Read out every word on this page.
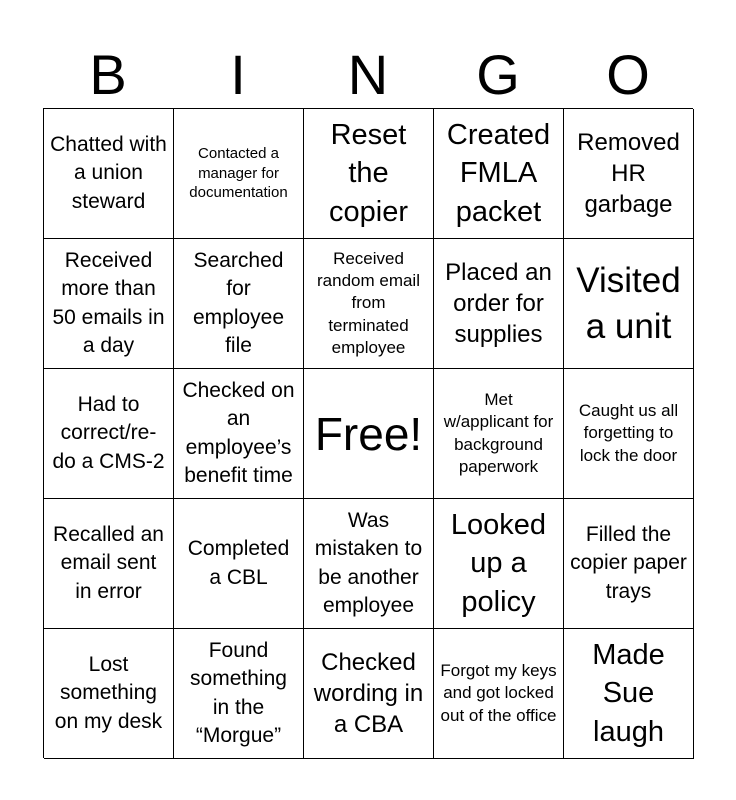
B	I	N	G	O
Chatted with a union steward
Contacted a manager for documentation
Reset the copier
Created FMLA packet
Removed HR garbage
Received more than 50 emails in a day
Searched for employee file
Received random email from terminated employee
Placed an order for supplies
Visited a unit
Had to correct/re-do a CMS-2
Checked on an employee’s benefit time
Free!
Met w/applicant for background paperwork
Caught us all forgetting to lock the door
Recalled an email sent in error
Completed a CBL
Was mistaken to be another employee
Looked up a policy
Filled the copier paper trays
Lost something on my desk
Found something in the “Morgue”
Checked wording in a CBA
Forgot my keys and got locked out of the office
Made Sue laugh
